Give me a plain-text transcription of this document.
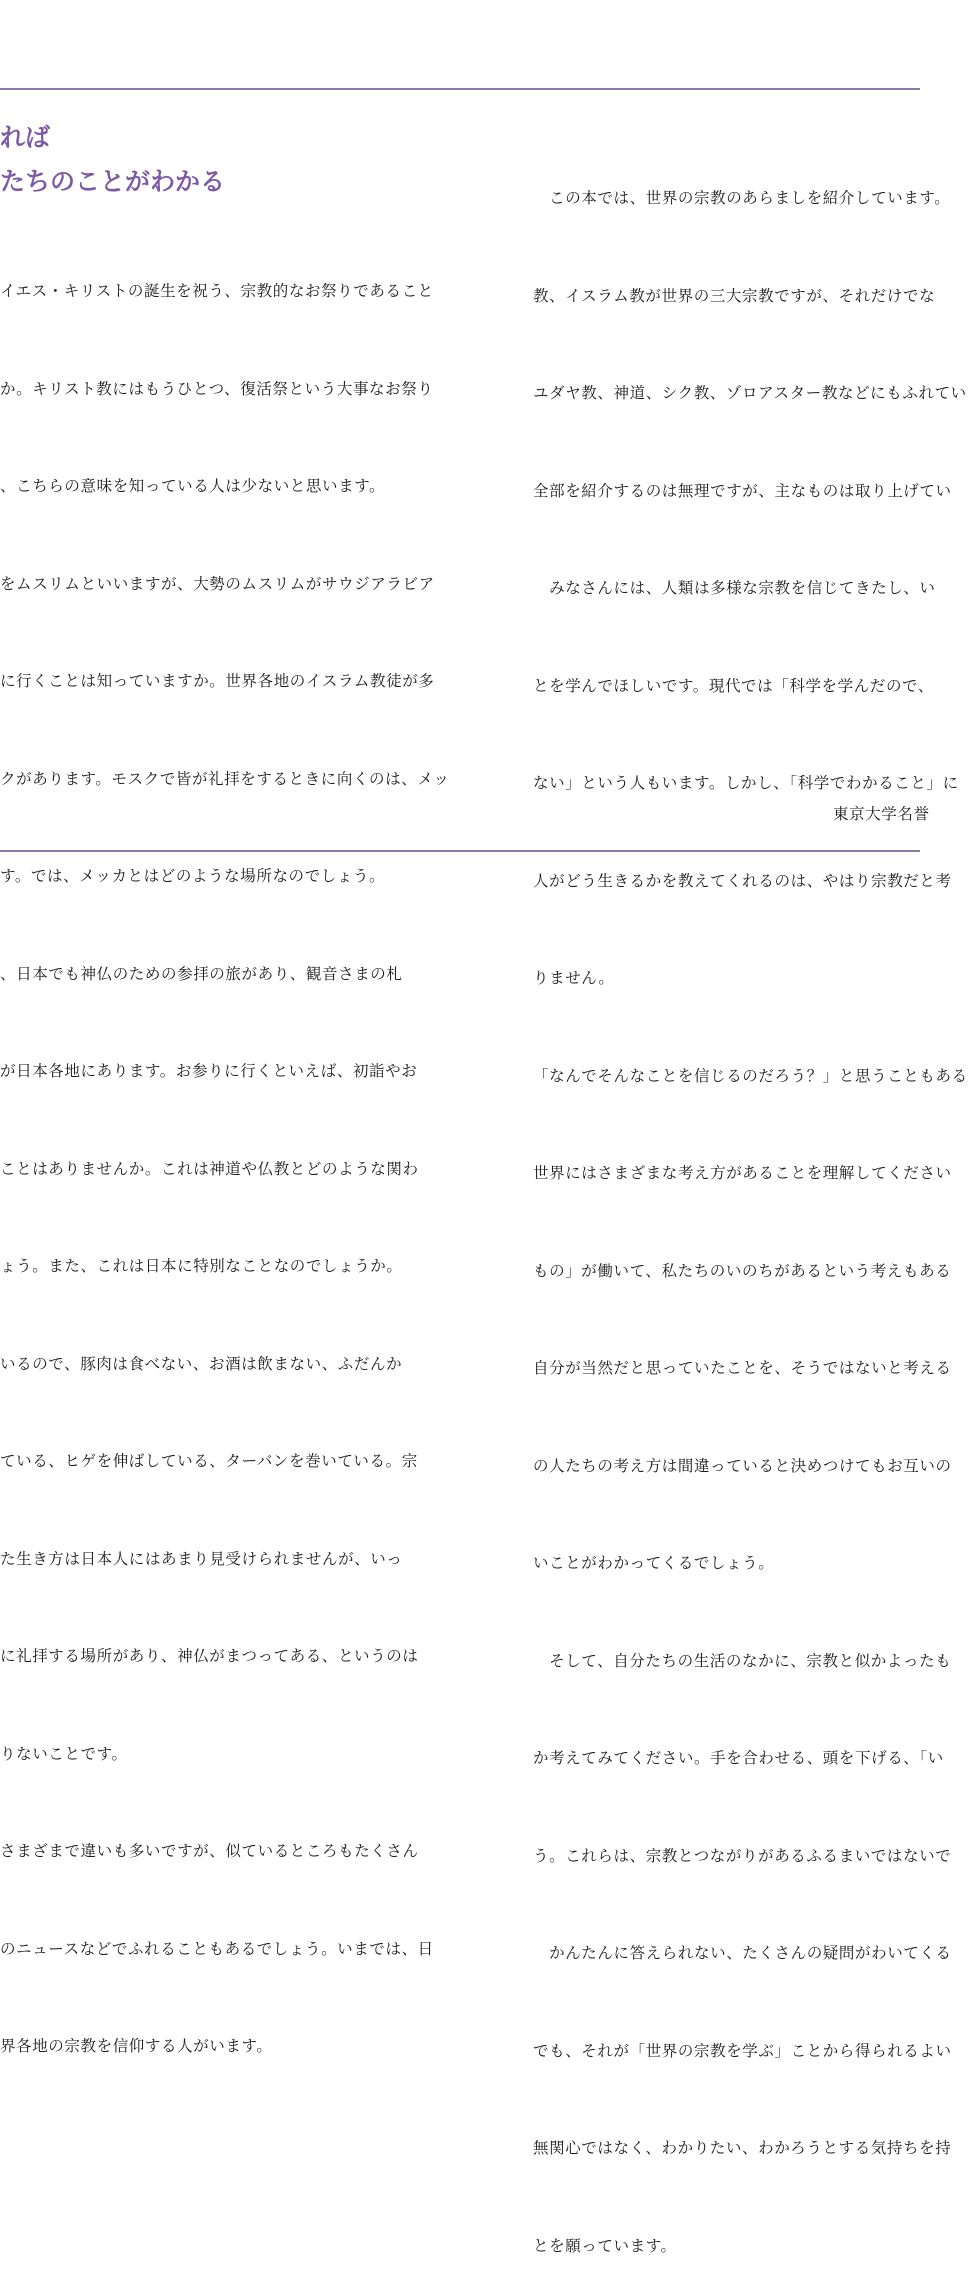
れば
たちのことがわかる

イエス・キリストの誕生を祝う、宗教的なお祭りであること

か。キリスト教にはもうひとつ、復活祭という大事なお祭り

、こちらの意味を知っている人は少ないと思います。

をムスリムといいますが、大勢のムスリムがサウジアラビア

に行くことは知っていますか。世界各地のイスラム教徒が多

クがあります。モスクで皆が礼拝をするときに向くのは、メッ

す。では、メッカとはどのような場所なのでしょう。

、日本でも神仏のための参拝の旅があり、観音さまの札

が日本各地にあります。お参りに行くといえば、初詣やお

ことはありませんか。これは神道や仏教とどのような関わ

ょう。また、これは日本に特別なことなのでしょうか。

いるので、豚肉は食べない、お酒は飲まない、ふだんか

ている、ヒゲを伸ばしている、ターバンを巻いている。宗

た生き方は日本人にはあまり見受けられませんが、いっ

に礼拝する場所があり、神仏がまつってある、というのは

りないことです。

さまざまで違いも多いですが、似ているところもたくさん

のニュースなどでふれることもあるでしょう。いまでは、日

界各地の宗教を信仰する人がいます。

　この本では、世界の宗教のあらましを紹介しています。

教、イスラム教が世界の三大宗教ですが、それだけでな

ユダヤ教、神道、シク教、ゾロアスター教などにもふれてい

全部を紹介するのは無理ですが、主なものは取り上げてい

　みなさんには、人類は多様な宗教を信じてきたし、い

とを学んでほしいです。現代では「科学を学んだので、

ない」という人もいます。しかし、「科学でわかること」に

人がどう生きるかを教えてくれるのは、やはり宗教だと考

りません。

「なんでそんなことを信じるのだろう？」と思うこともある

世界にはさまざまな考え方があることを理解してください

もの」が働いて、私たちのいのちがあるという考えもある

自分が当然だと思っていたことを、そうではないと考える

の人たちの考え方は間違っていると決めつけてもお互いの

いことがわかってくるでしょう。

　そして、自分たちの生活のなかに、宗教と似かよったも

か考えてみてください。手を合わせる、頭を下げる、「い

う。これらは、宗教とつながりがあるふるまいではないで

　かんたんに答えられない、たくさんの疑問がわいてくる

でも、それが「世界の宗教を学ぶ」ことから得られるよい

無関心ではなく、わかりたい、わかろうとする気持ちを持

とを願っています。

東京大学名誉
